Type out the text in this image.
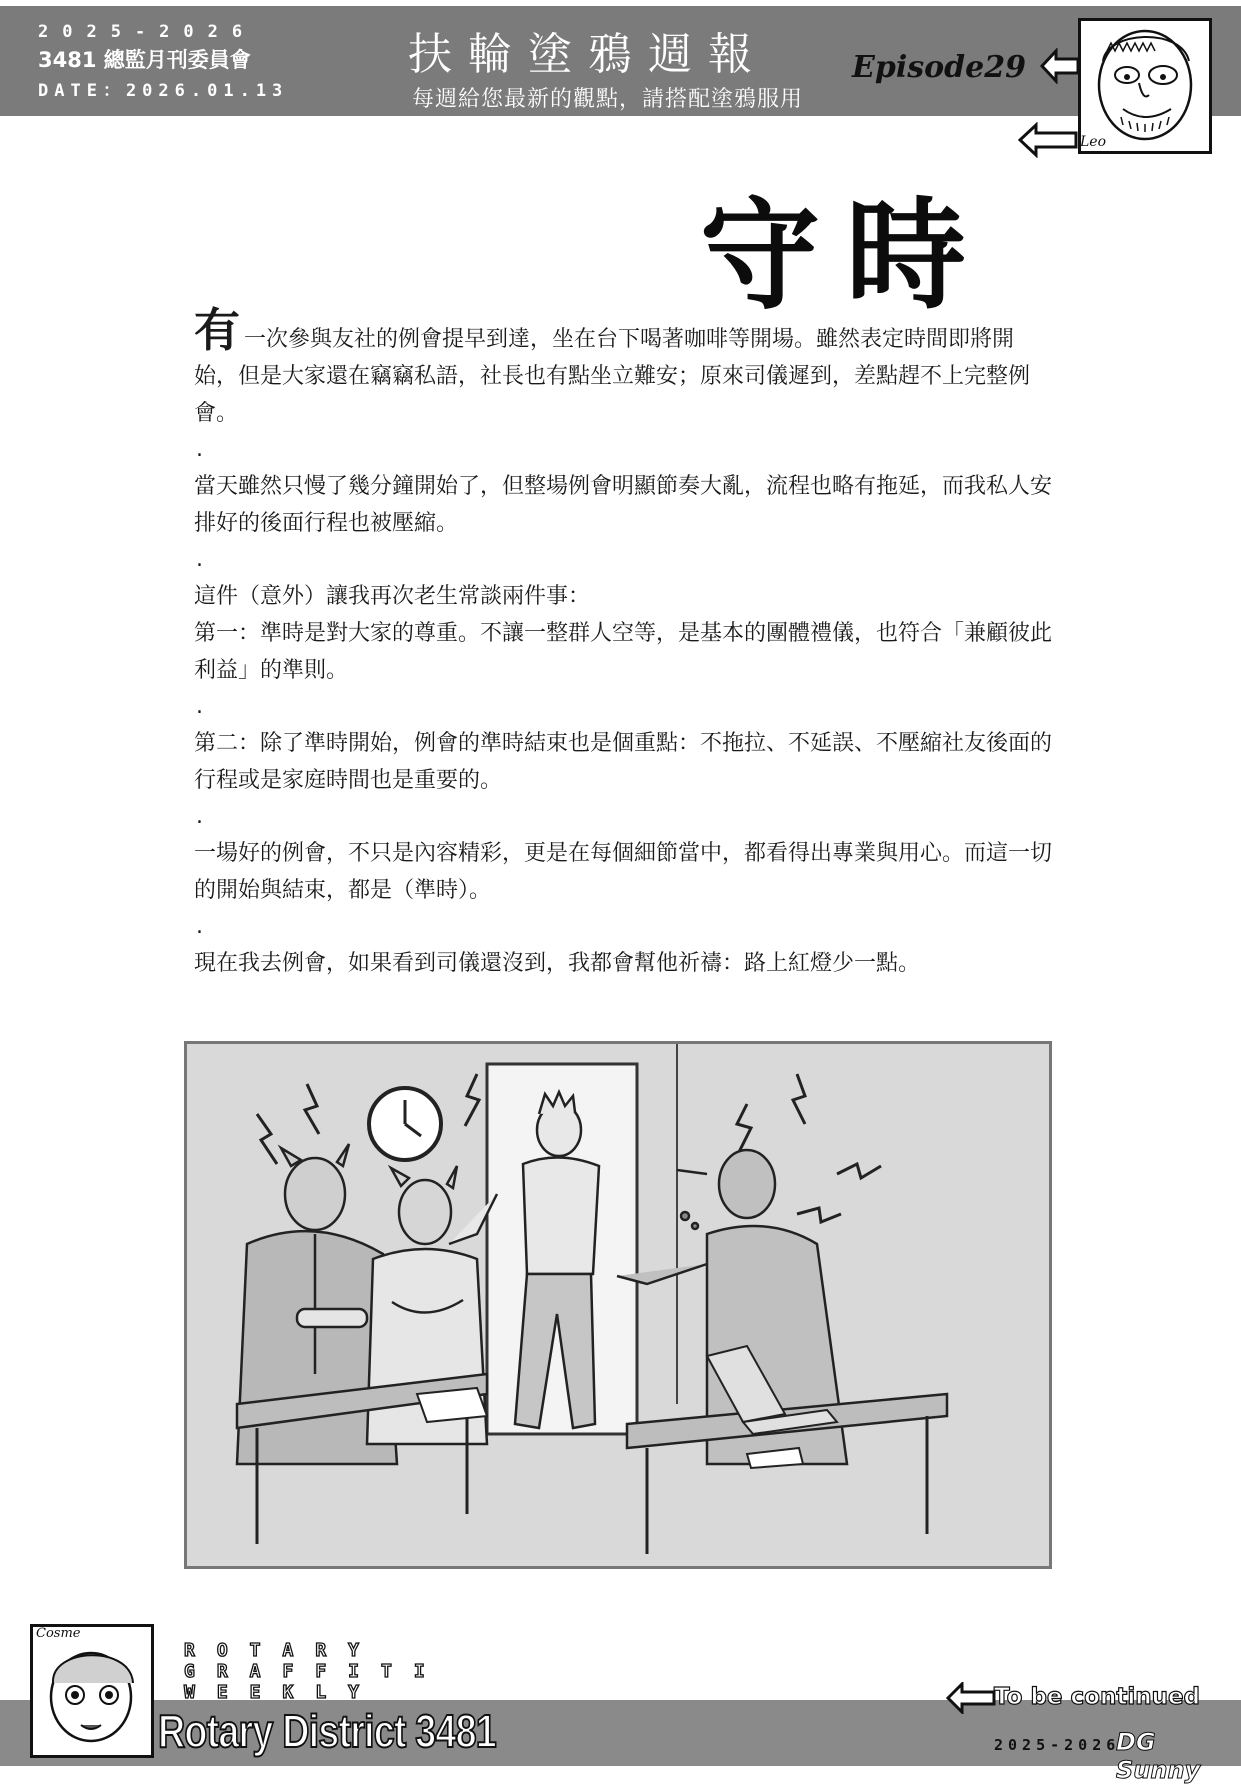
2025-2026
3481 總監月刊委員會
DATE：2026.01.13
扶輪塗鴉週報
每週給您最新的觀點，請搭配塗鴉服用
Episode29
Leo
守時

有一次參與友社的例會提早到達，坐在台下喝著咖啡等開場。雖然表定時間即將開始，但是大家還在竊竊私語，社長也有點坐立難安；原來司儀遲到，差點趕不上完整例會。

.

當天雖然只慢了幾分鐘開始了，但整場例會明顯節奏大亂，流程也略有拖延，而我私人安排好的後面行程也被壓縮。

.

這件（意外）讓我再次老生常談兩件事：

第一：準時是對大家的尊重。不讓一整群人空等，是基本的團體禮儀，也符合「兼顧彼此利益」的準則。

.

第二：除了準時開始，例會的準時結束也是個重點：不拖拉、不延誤、不壓縮社友後面的行程或是家庭時間也是重要的。

.

一場好的例會，不只是內容精彩，更是在每個細節當中，都看得出專業與用心。而這一切的開始與結束，都是（準時）。

.

現在我去例會，如果看到司儀還沒到，我都會幫他祈禱：路上紅燈少一點。

Cosme
ROTARY
GRAFFITI
WEEKLY
Rotary District 3481
To be continued
2025-2026
DG Sunny
